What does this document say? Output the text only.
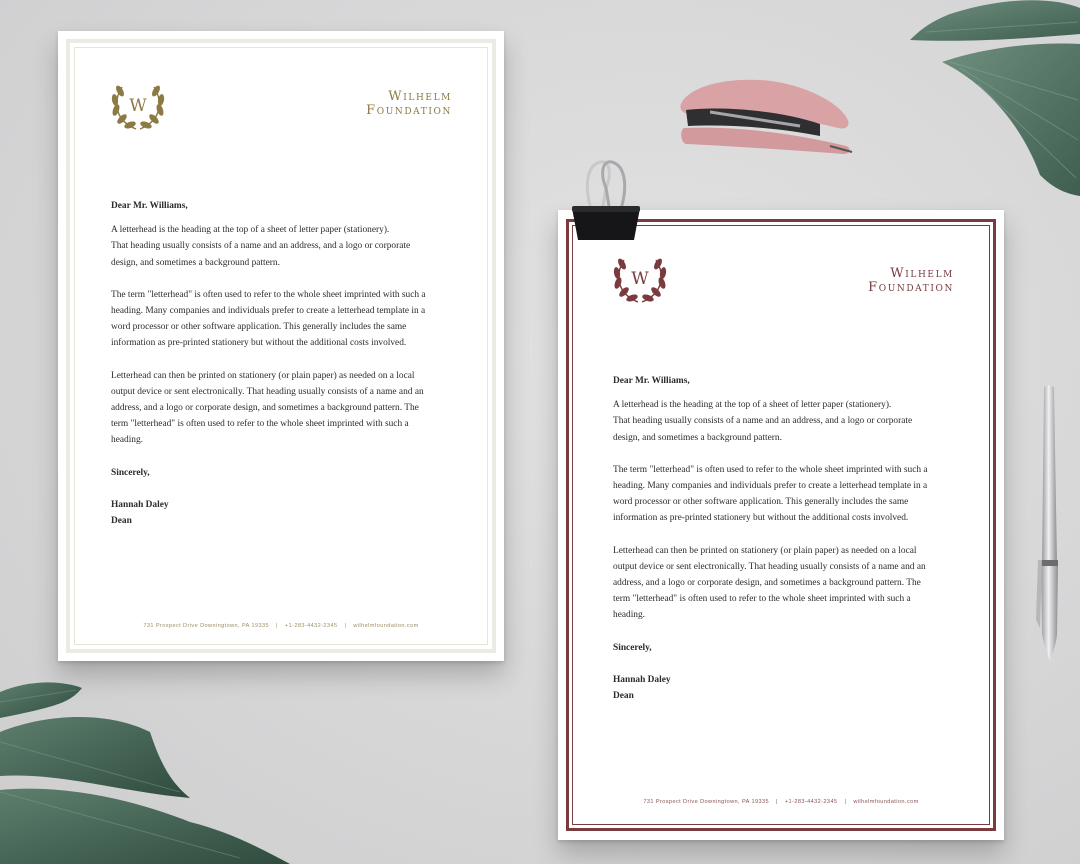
W	Wilhelm
Foundation
Dear Mr. Williams,
A letterhead is the heading at the top of a sheet of letter paper (stationery).
That heading usually consists of a name and an address, and a logo or corporate
design, and sometimes a background pattern.
The term "letterhead" is often used to refer to the whole sheet imprinted with such a
heading. Many companies and individuals prefer to create a letterhead template in a
word processor or other software application. This generally includes the same
information as pre-printed stationery but without the additional costs involved.
Letterhead can then be printed on stationery (or plain paper) as needed on a local
output device or sent electronically. That heading usually consists of a name and an
address, and a logo or corporate design, and sometimes a background pattern. The
term "letterhead" is often used to refer to the whole sheet imprinted with such a
heading.
Sincerely,
Hannah Daley
Dean
731 Prospect Drive Downingtown, PA 19335 | +1-283-4432-2345 | wilhelmfoundation.com
W	Wilhelm
Foundation
Dear Mr. Williams,
A letterhead is the heading at the top of a sheet of letter paper (stationery).
That heading usually consists of a name and an address, and a logo or corporate
design, and sometimes a background pattern.
The term "letterhead" is often used to refer to the whole sheet imprinted with such a
heading. Many companies and individuals prefer to create a letterhead template in a
word processor or other software application. This generally includes the same
information as pre-printed stationery but without the additional costs involved.
Letterhead can then be printed on stationery (or plain paper) as needed on a local
output device or sent electronically. That heading usually consists of a name and an
address, and a logo or corporate design, and sometimes a background pattern. The
term "letterhead" is often used to refer to the whole sheet imprinted with such a
heading.
Sincerely,
Hannah Daley
Dean
731 Prospect Drive Downingtown, PA 19335 | +1-283-4432-2345 | wilhelmfoundation.com
